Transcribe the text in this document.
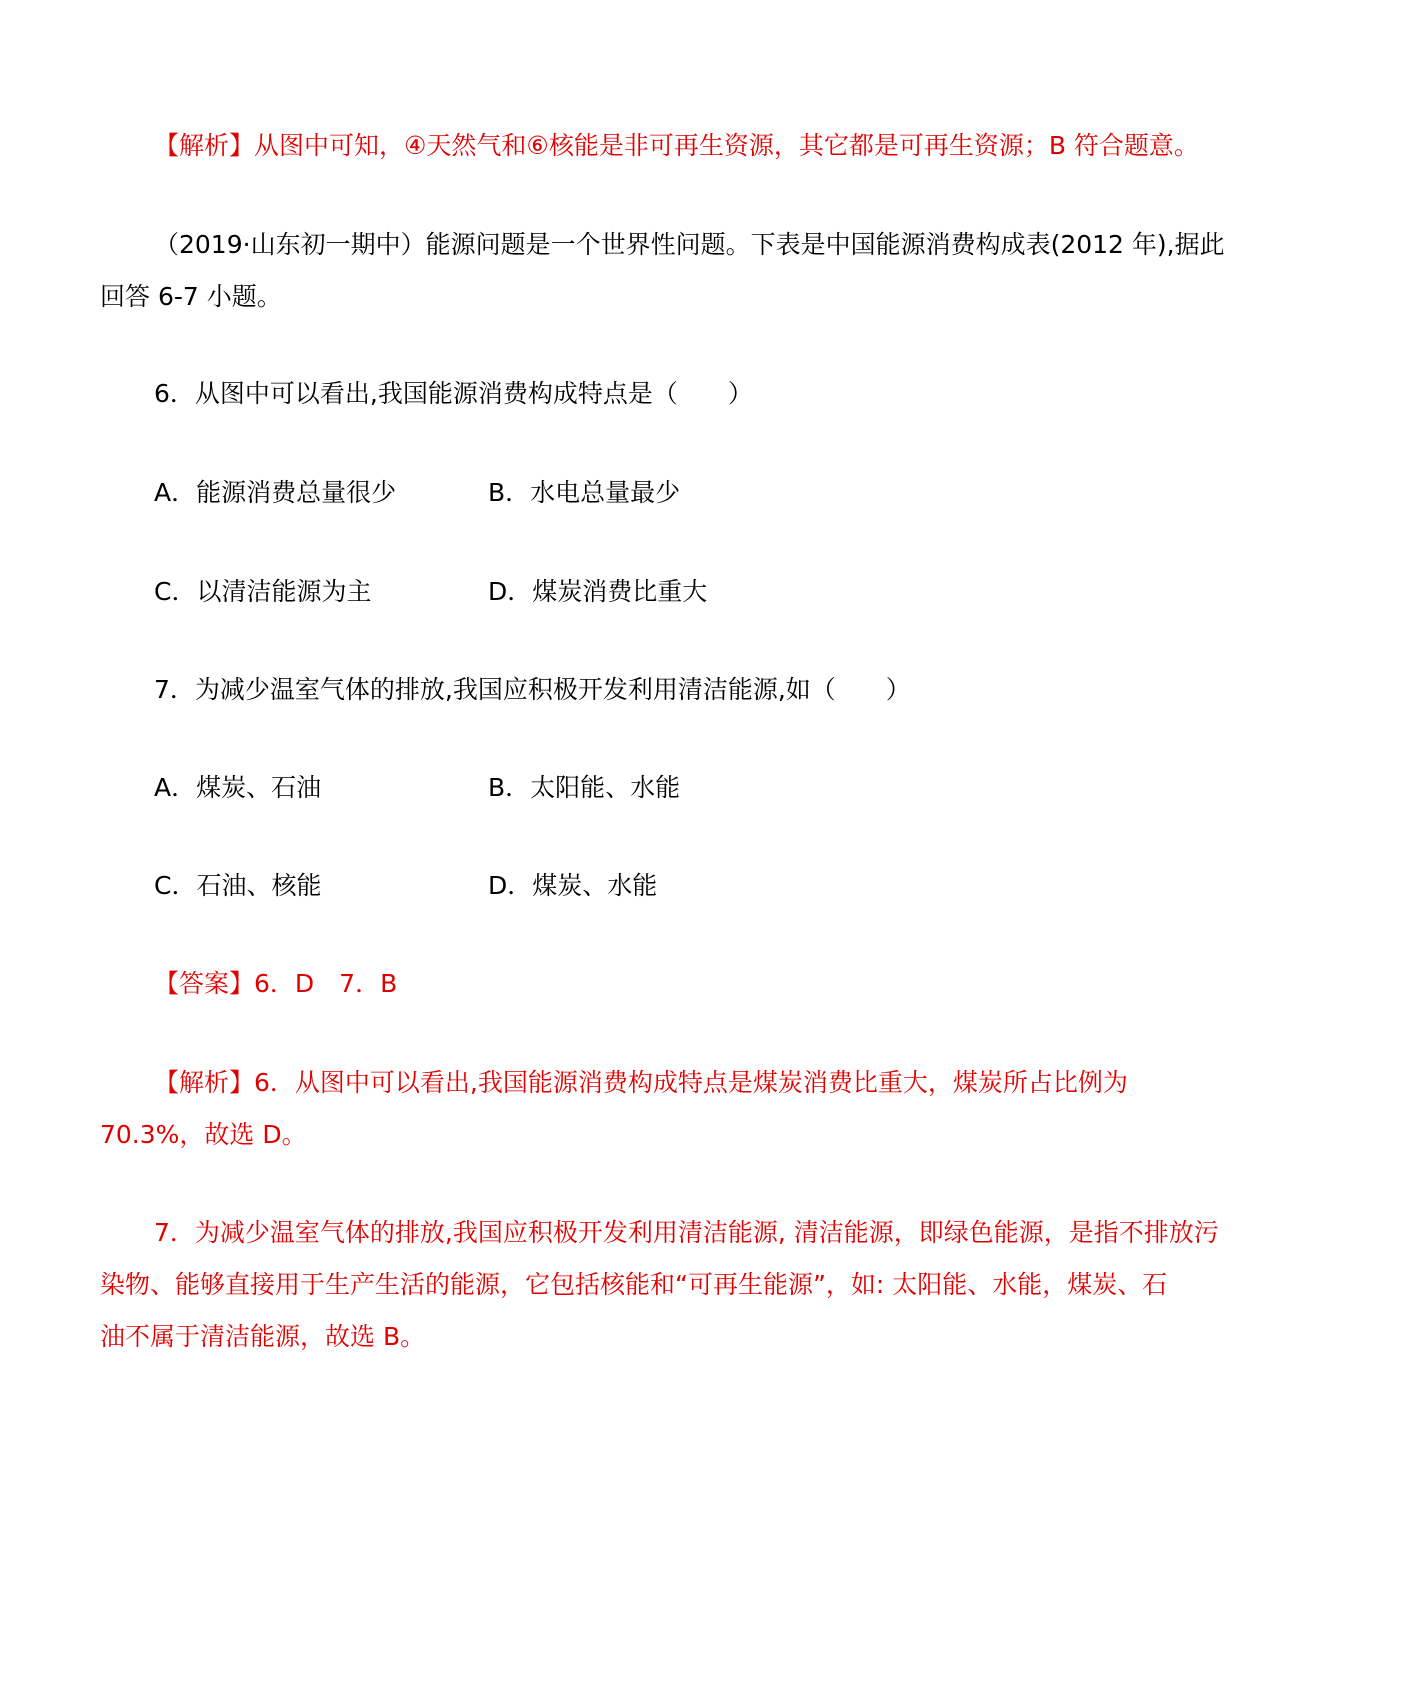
【解析】从图中可知，④天然气和⑥核能是非可再生资源，其它都是可再生资源；B 符合题意。
（2019·山东初一期中）能源问题是一个世界性问题。下表是中国能源消费构成表(2012 年),据此
回答 6-7 小题。
6．从图中可以看出,我国能源消费构成特点是（　　）
A．能源消费总量很少	B．水电总量最少
C．以清洁能源为主	D．煤炭消费比重大
7．为减少温室气体的排放,我国应积极开发利用清洁能源,如（　　）
A．煤炭、石油	B．太阳能、水能
C．石油、核能	D．煤炭、水能
【答案】6．D　7．B
【解析】6．从图中可以看出,我国能源消费构成特点是煤炭消费比重大，煤炭所占比例为
70.3%，故选 D。
7．为减少温室气体的排放,我国应积极开发利用清洁能源, 清洁能源，即绿色能源，是指不排放污
染物、能够直接用于生产生活的能源，它包括核能和“可再生能源”，如: 太阳能、水能，煤炭、石
油不属于清洁能源，故选 B。
